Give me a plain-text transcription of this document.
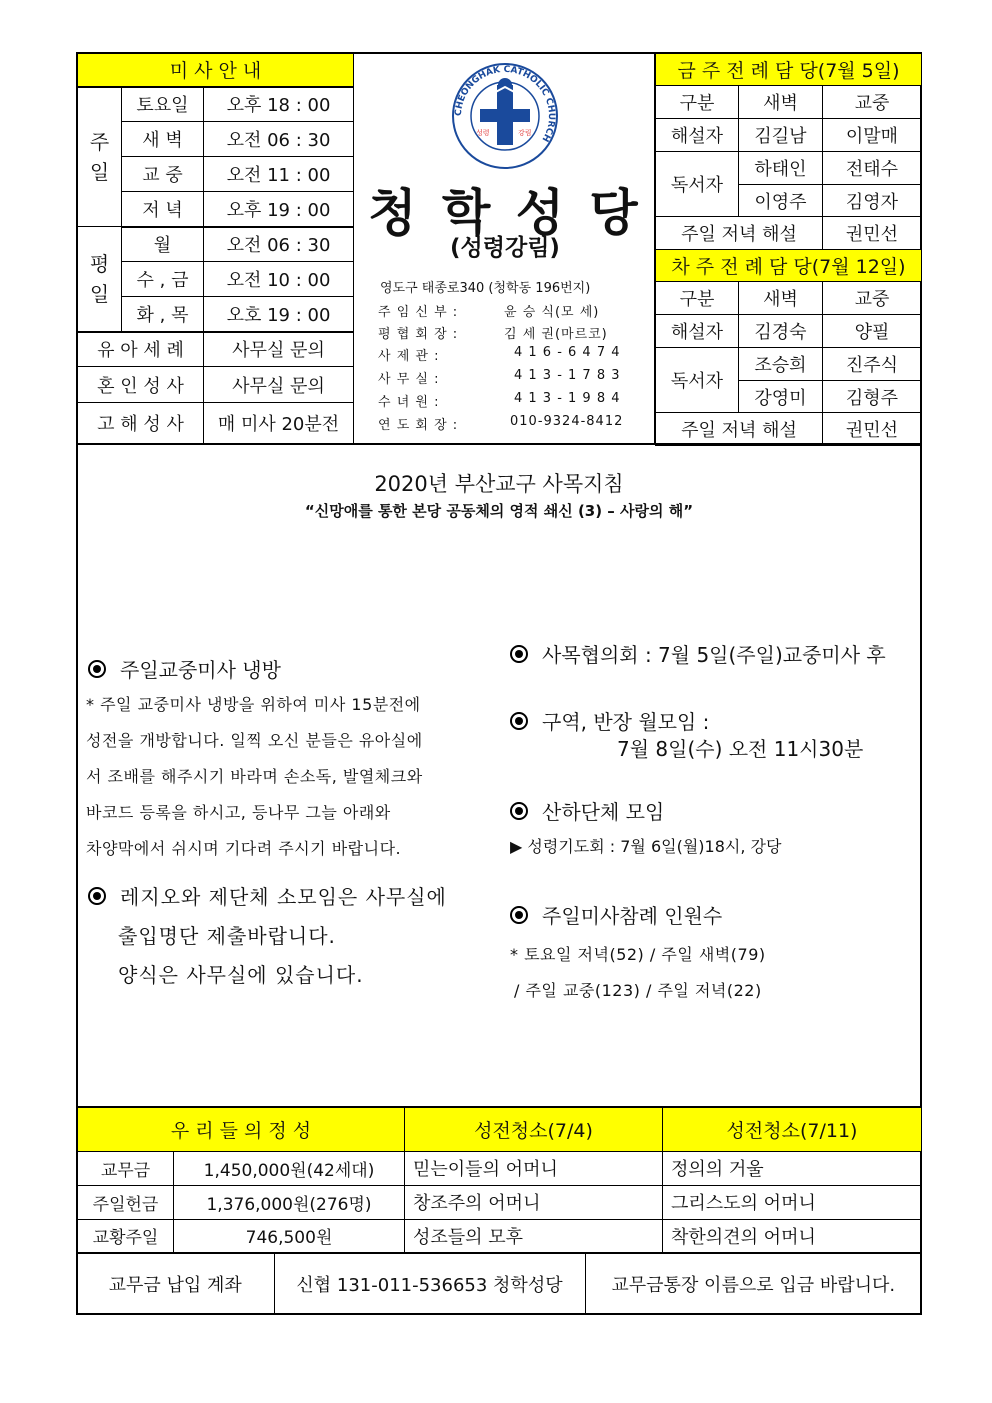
미 사 안 내		
주일	토요일	오후 18 : 00
	새 벽	오전 06 : 30
	교 중	오전 11 : 00
	저 녁	오후 19 : 00
평일	월	오전 06 : 30
	수 , 금	오전 10 : 00
	화 , 목	오호 19 : 00
유 아 세 례		사무실 문의
혼 인 성 사		사무실 문의
고 해 성 사		매 미사 20분전
CHEONGHAK CATHOLIC CHURCH
성령	강림
청 학 성 당
(성령강림)
영도구 태종로340 (청학동 196번지)
주 임 신 부 :	윤 승 식(모 세)
평 협 회 장 :	김 세 권(마르코)
사 제 관 :	4 1 6 - 6 4 7 4
사 무 실 :	4 1 3 - 1 7 8 3
수 녀 원 :	4 1 3 - 1 9 8 4
연 도 회 장 :	010-9324-8412
금 주 전 례 담 당(7월 5일)		
구분	새벽	교중
해설자	김길남	이말매
독서자	하태인	전태수
	이영주	김영자
주일 저녁 해설		권민선
차 주 전 례 담 당(7월 12일)		
구분	새벽	교중
해설자	김경숙	양필
독서자	조승희	진주식
	강영미	김형주
주일 저녁 해설		권민선
2020년 부산교구 사목지침
“신망애를 통한 본당 공동체의 영적 쇄신 (3) – 사랑의 해”
주일교중미사 냉방
* 주일 교중미사 냉방을 위하여 미사 15분전에
성전을 개방합니다. 일찍 오신 분들은 유아실에
서 조배를 해주시기 바라며 손소독, 발열체크와
바코드 등록을 하시고, 등나무 그늘 아래와
차양막에서 쉬시며 기다려 주시기 바랍니다.
레지오와 제단체 소모임은 사무실에
출입명단 제출바랍니다.
양식은 사무실에 있습니다.
사목협의회 : 7월 5일(주일)교중미사 후
구역, 반장 월모임 :
7월 8일(수) 오전 11시30분
산하단체 모임
▶ 성령기도회 : 7월 6일(월)18시, 강당
주일미사참례 인원수
* 토요일 저녁(52) / 주일 새벽(79)
/ 주일 교중(123) / 주일 저녁(22)
우 리 들 의 정 성		성전청소(7/4)	성전청소(7/11)
교무금	1,450,000원(42세대)	믿는이들의 어머니	정의의 거울
주일헌금	1,376,000원(276명)	창조주의 어머니	그리스도의 어머니
교황주일	746,500원	성조들의 모후	착한의견의 어머니
교무금 납입 계좌	신협 131-011-536653 청학성당	교무금통장 이름으로 입금 바랍니다.
